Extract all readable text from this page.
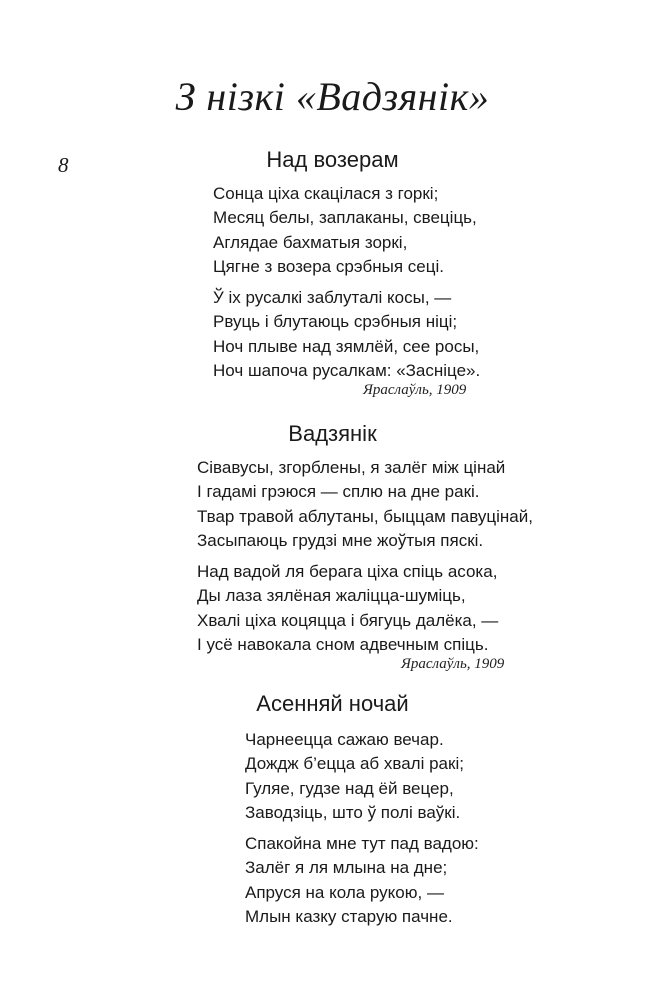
З нізкі «Вадзянік»
8	Над возерам
Сонца ціха скацілася з горкі;
Месяц белы, заплаканы, свеціць,
Аглядае бахматыя зоркі,
Цягне з возера срэбныя сеці.
Ў іх русалкі заблуталі косы, —
Рвуць і блутаюць срэбныя ніці;
Ноч плыве над зямлёй, сее росы,
Ноч шапоча русалкам: «Засніце».
Яраслаўль, 1909
Вадзянік
Сівавусы, згорблены, я залёг між цінай
І гадамі грэюся — сплю на дне ракі.
Твар травой аблутаны, быццам павуцінай,
Засыпаюць грудзі мне жоўтыя пяскі.
Над вадой ля берага ціха спіць асока,
Ды лаза зялёная жаліцца-шуміць,
Хвалі ціха коцяцца і бягуць далёка, —
І усё навокала сном адвечным спіць.
Яраслаўль, 1909
Асенняй ночай
Чарнеецца сажаю вечар.
Дождж б’ецца аб хвалі ракі;
Гуляе, гудзе над ёй вецер,
Заводзіць, што ў полі ваўкі.
Спакойна мне тут пад вадою:
Залёг я ля млына на дне;
Апруся на кола рукою, —
Млын казку старую пачне.
